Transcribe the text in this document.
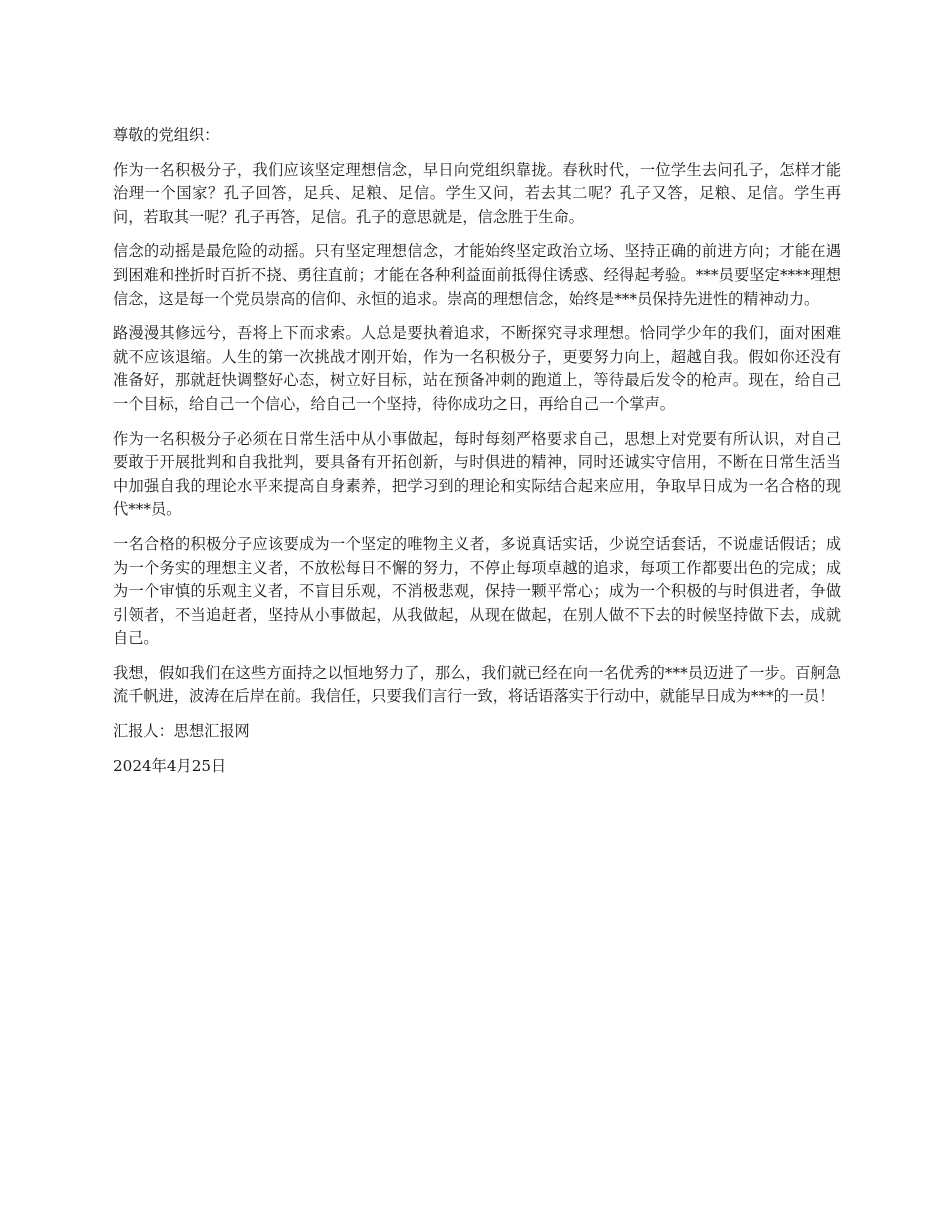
尊敬的党组织：

作为一名积极分子，我们应该坚定理想信念，早日向党组织靠拢。春秋时代，一位学生去问孔子，怎样才能治理一个国家？孔子回答，足兵、足粮、足信。学生又问，若去其二呢？孔子又答，足粮、足信。学生再问，若取其一呢？孔子再答，足信。孔子的意思就是，信念胜于生命。

信念的动摇是最危险的动摇。只有坚定理想信念，才能始终坚定政治立场、坚持正确的前进方向；才能在遇到困难和挫折时百折不挠、勇往直前；才能在各种利益面前抵得住诱惑、经得起考验。***员要坚定****理想信念，这是每一个党员崇高的信仰、永恒的追求。崇高的理想信念，始终是***员保持先进性的精神动力。

路漫漫其修远兮，吾将上下而求索。人总是要执着追求，不断探究寻求理想。恰同学少年的我们，面对困难就不应该退缩。人生的第一次挑战才刚开始，作为一名积极分子，更要努力向上，超越自我。假如你还没有准备好，那就赶快调整好心态，树立好目标，站在预备冲刺的跑道上，等待最后发令的枪声。现在，给自己一个目标，给自己一个信心，给自己一个坚持，待你成功之日，再给自己一个掌声。

作为一名积极分子必须在日常生活中从小事做起，每时每刻严格要求自己，思想上对党要有所认识，对自己要敢于开展批判和自我批判，要具备有开拓创新，与时俱进的精神，同时还诚实守信用，不断在日常生活当中加强自我的理论水平来提高自身素养，把学习到的理论和实际结合起来应用，争取早日成为一名合格的现代***员。

一名合格的积极分子应该要成为一个坚定的唯物主义者，多说真话实话，少说空话套话，不说虚话假话；成为一个务实的理想主义者，不放松每日不懈的努力，不停止每项卓越的追求，每项工作都要出色的完成；成为一个审慎的乐观主义者，不盲目乐观，不消极悲观，保持一颗平常心；成为一个积极的与时俱进者，争做引领者，不当追赶者，坚持从小事做起，从我做起，从现在做起，在别人做不下去的时候坚持做下去，成就自己。

我想，假如我们在这些方面持之以恒地努力了，那么，我们就已经在向一名优秀的***员迈进了一步。百舸急流千帆进，波涛在后岸在前。我信任，只要我们言行一致，将话语落实于行动中，就能早日成为***的一员！

汇报人：思想汇报网

2024年4月25日
